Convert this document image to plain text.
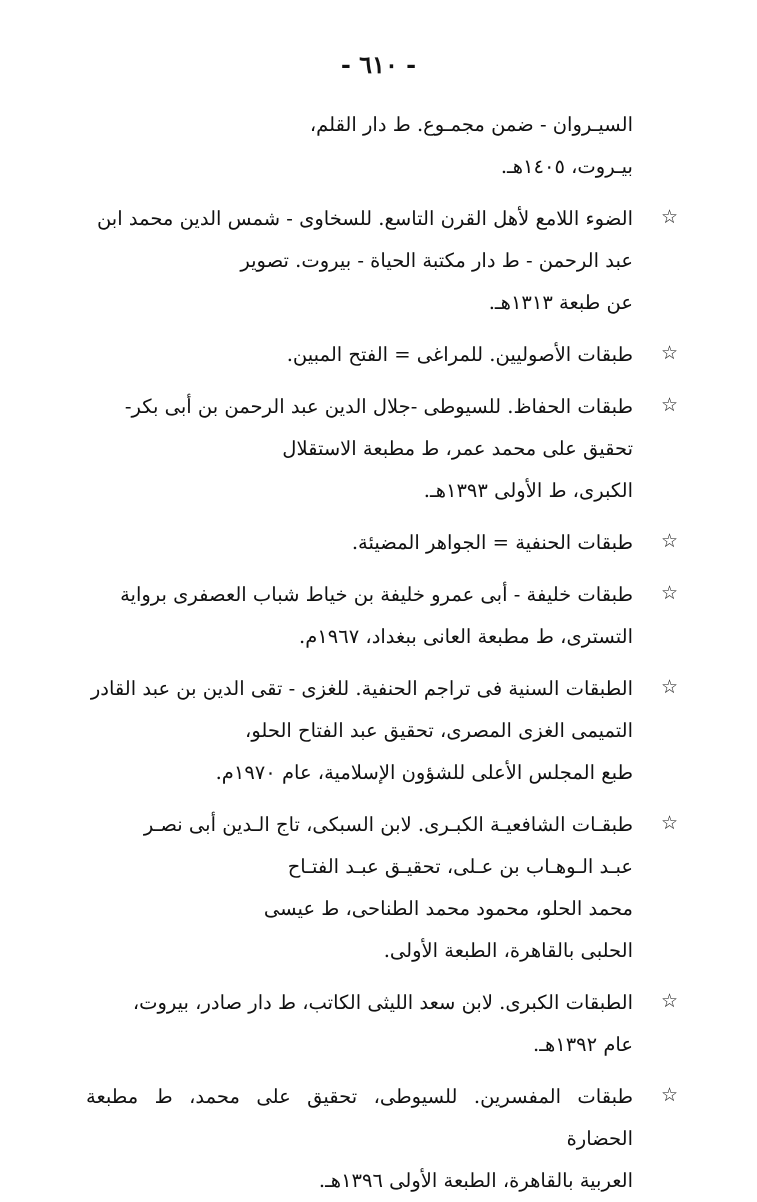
- ٦١٠ -
السيـروان - ضمن مجمـوع. ط دار القلم،
بيـروت، ١٤٠٥هـ.
☆
الضوء اللامع لأهل القرن التاسع. للسخاوى - شمس الدين محمد ابن
عبد الرحمن - ط دار مكتبة الحياة - بيروت. تصوير
عن طبعة ١٣١٣هـ.
☆
طبقات الأصوليين. للمراغى = الفتح المبين.
☆
طبقات الحفاظ. للسيوطى -جلال الدين عبد الرحمن بن أبى بكر-
تحقيق على محمد عمر، ط مطبعة الاستقلال
الكبرى، ط الأولى ١٣٩٣هـ.
☆
طبقات الحنفية = الجواهر المضيئة.
☆
طبقات خليفة - أبى عمرو خليفة بن خياط شباب العصفرى برواية
التسترى، ط مطبعة العانى ببغداد، ١٩٦٧م.
☆
الطبقات السنية فى تراجم الحنفية. للغزى - تقى الدين بن عبد القادر
التميمى الغزى المصرى، تحقيق عبد الفتاح الحلو،
طبع المجلس الأعلى للشؤون الإسلامية، عام ١٩٧٠م.
☆
طبقـات الشافعيـة الكبـرى. لابن السبكى، تاج الـدين أبى نصـر
عبـد الـوهـاب بن عـلى، تحقيـق عبـد الفتـاح
محمد الحلو، محمود محمد الطناحى، ط عيسى
الحلبى بالقاهرة، الطبعة الأولى.
☆
الطبقات الكبرى. لابن سعد الليثى الكاتب، ط دار صادر، بيروت،
عام ١٣٩٢هـ.
☆
طبقات المفسرين. للسيوطى، تحقيق على محمد، ط مطبعة الحضارة
العربية بالقاهرة، الطبعة الأولى ١٣٩٦هـ.
